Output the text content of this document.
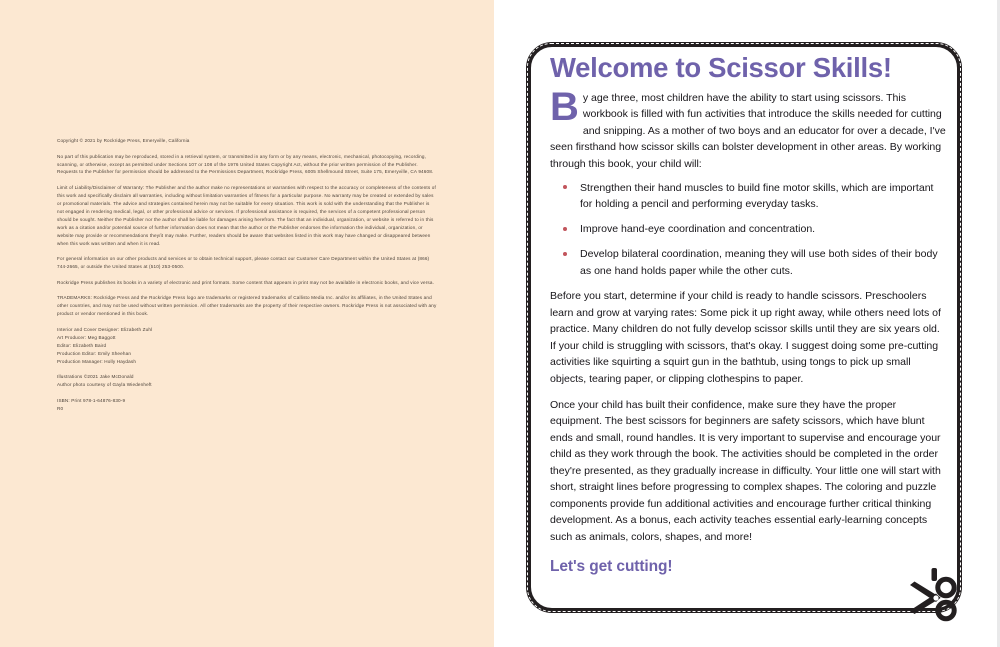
Copyright © 2021 by Rockridge Press, Emeryville, California

No part of this publication may be reproduced, stored in a retrieval system, or transmitted in any form or by any means, electronic, mechanical, photocopying, recording, scanning, or otherwise, except as permitted under Sections 107 or 108 of the 1976 United States Copyright Act, without the prior written permission of the Publisher. Requests to the Publisher for permission should be addressed to the Permissions Department, Rockridge Press, 6005 Shellmound Street, Suite 175, Emeryville, CA 94608.

Limit of Liability/Disclaimer of Warranty: The Publisher and the author make no representations or warranties with respect to the accuracy or completeness of the contents of this work and specifically disclaim all warranties, including without limitation warranties of fitness for a particular purpose. No warranty may be created or extended by sales or promotional materials. The advice and strategies contained herein may not be suitable for every situation. This work is sold with the understanding that the Publisher is not engaged in rendering medical, legal, or other professional advice or services. If professional assistance is required, the services of a competent professional person should be sought. Neither the Publisher nor the author shall be liable for damages arising herefrom. The fact that an individual, organization, or website is referred to in this work as a citation and/or potential source of further information does not mean that the author or the Publisher endorses the information the individual, organization, or website may provide or recommendations they/it may make. Further, readers should be aware that websites listed in this work may have changed or disappeared between when this work was written and when it is read.

For general information on our other products and services or to obtain technical support, please contact our Customer Care Department within the United States at (866) 744-2665, or outside the United States at (510) 253-0500.

Rockridge Press publishes its books in a variety of electronic and print formats. Some content that appears in print may not be available in electronic books, and vice versa.

TRADEMARKS: Rockridge Press and the Rockridge Press logo are trademarks or registered trademarks of Callisto Media Inc. and/or its affiliates, in the United States and other countries, and may not be used without written permission. All other trademarks are the property of their respective owners. Rockridge Press is not associated with any product or vendor mentioned in this book.

Interior and Cover Designer: Elizabeth Zuhl
Art Producer: Meg Baggott
Editor: Elizabeth Baird
Production Editor: Emily Sheehan
Production Manager: Holly Haydash

Illustrations ©2021 Jake McDonald
Author photo courtesy of Gayla Wiedenheft

ISBN: Print 978-1-64876-830-9
R0

Welcome to Scissor Skills!

By age three, most children have the ability to start using scissors. This workbook is filled with fun activities that introduce the skills needed for cutting and snipping. As a mother of two boys and an educator for over a decade, I've seen firsthand how scissor skills can bolster development in other areas. By working through this book, your child will:

Strengthen their hand muscles to build fine motor skills, which are important for holding a pencil and performing everyday tasks.
Improve hand-eye coordination and concentration.
Develop bilateral coordination, meaning they will use both sides of their body as one hand holds paper while the other cuts.

Before you start, determine if your child is ready to handle scissors. Preschoolers learn and grow at varying rates: Some pick it up right away, while others need lots of practice. Many children do not fully develop scissor skills until they are six years old. If your child is struggling with scissors, that's okay. I suggest doing some pre-cutting activities like squirting a squirt gun in the bathtub, using tongs to pick up small objects, tearing paper, or clipping clothespins to paper.

Once your child has built their confidence, make sure they have the proper equipment. The best scissors for beginners are safety scissors, which have blunt ends and small, round handles. It is very important to supervise and encourage your child as they work through the book. The activities should be completed in the order they're presented, as they gradually increase in difficulty. Your little one will start with short, straight lines before progressing to complex shapes. The coloring and puzzle components provide fun additional activities and encourage further critical thinking development. As a bonus, each activity teaches essential early-learning concepts such as animals, colors, shapes, and more!

Let's get cutting!
